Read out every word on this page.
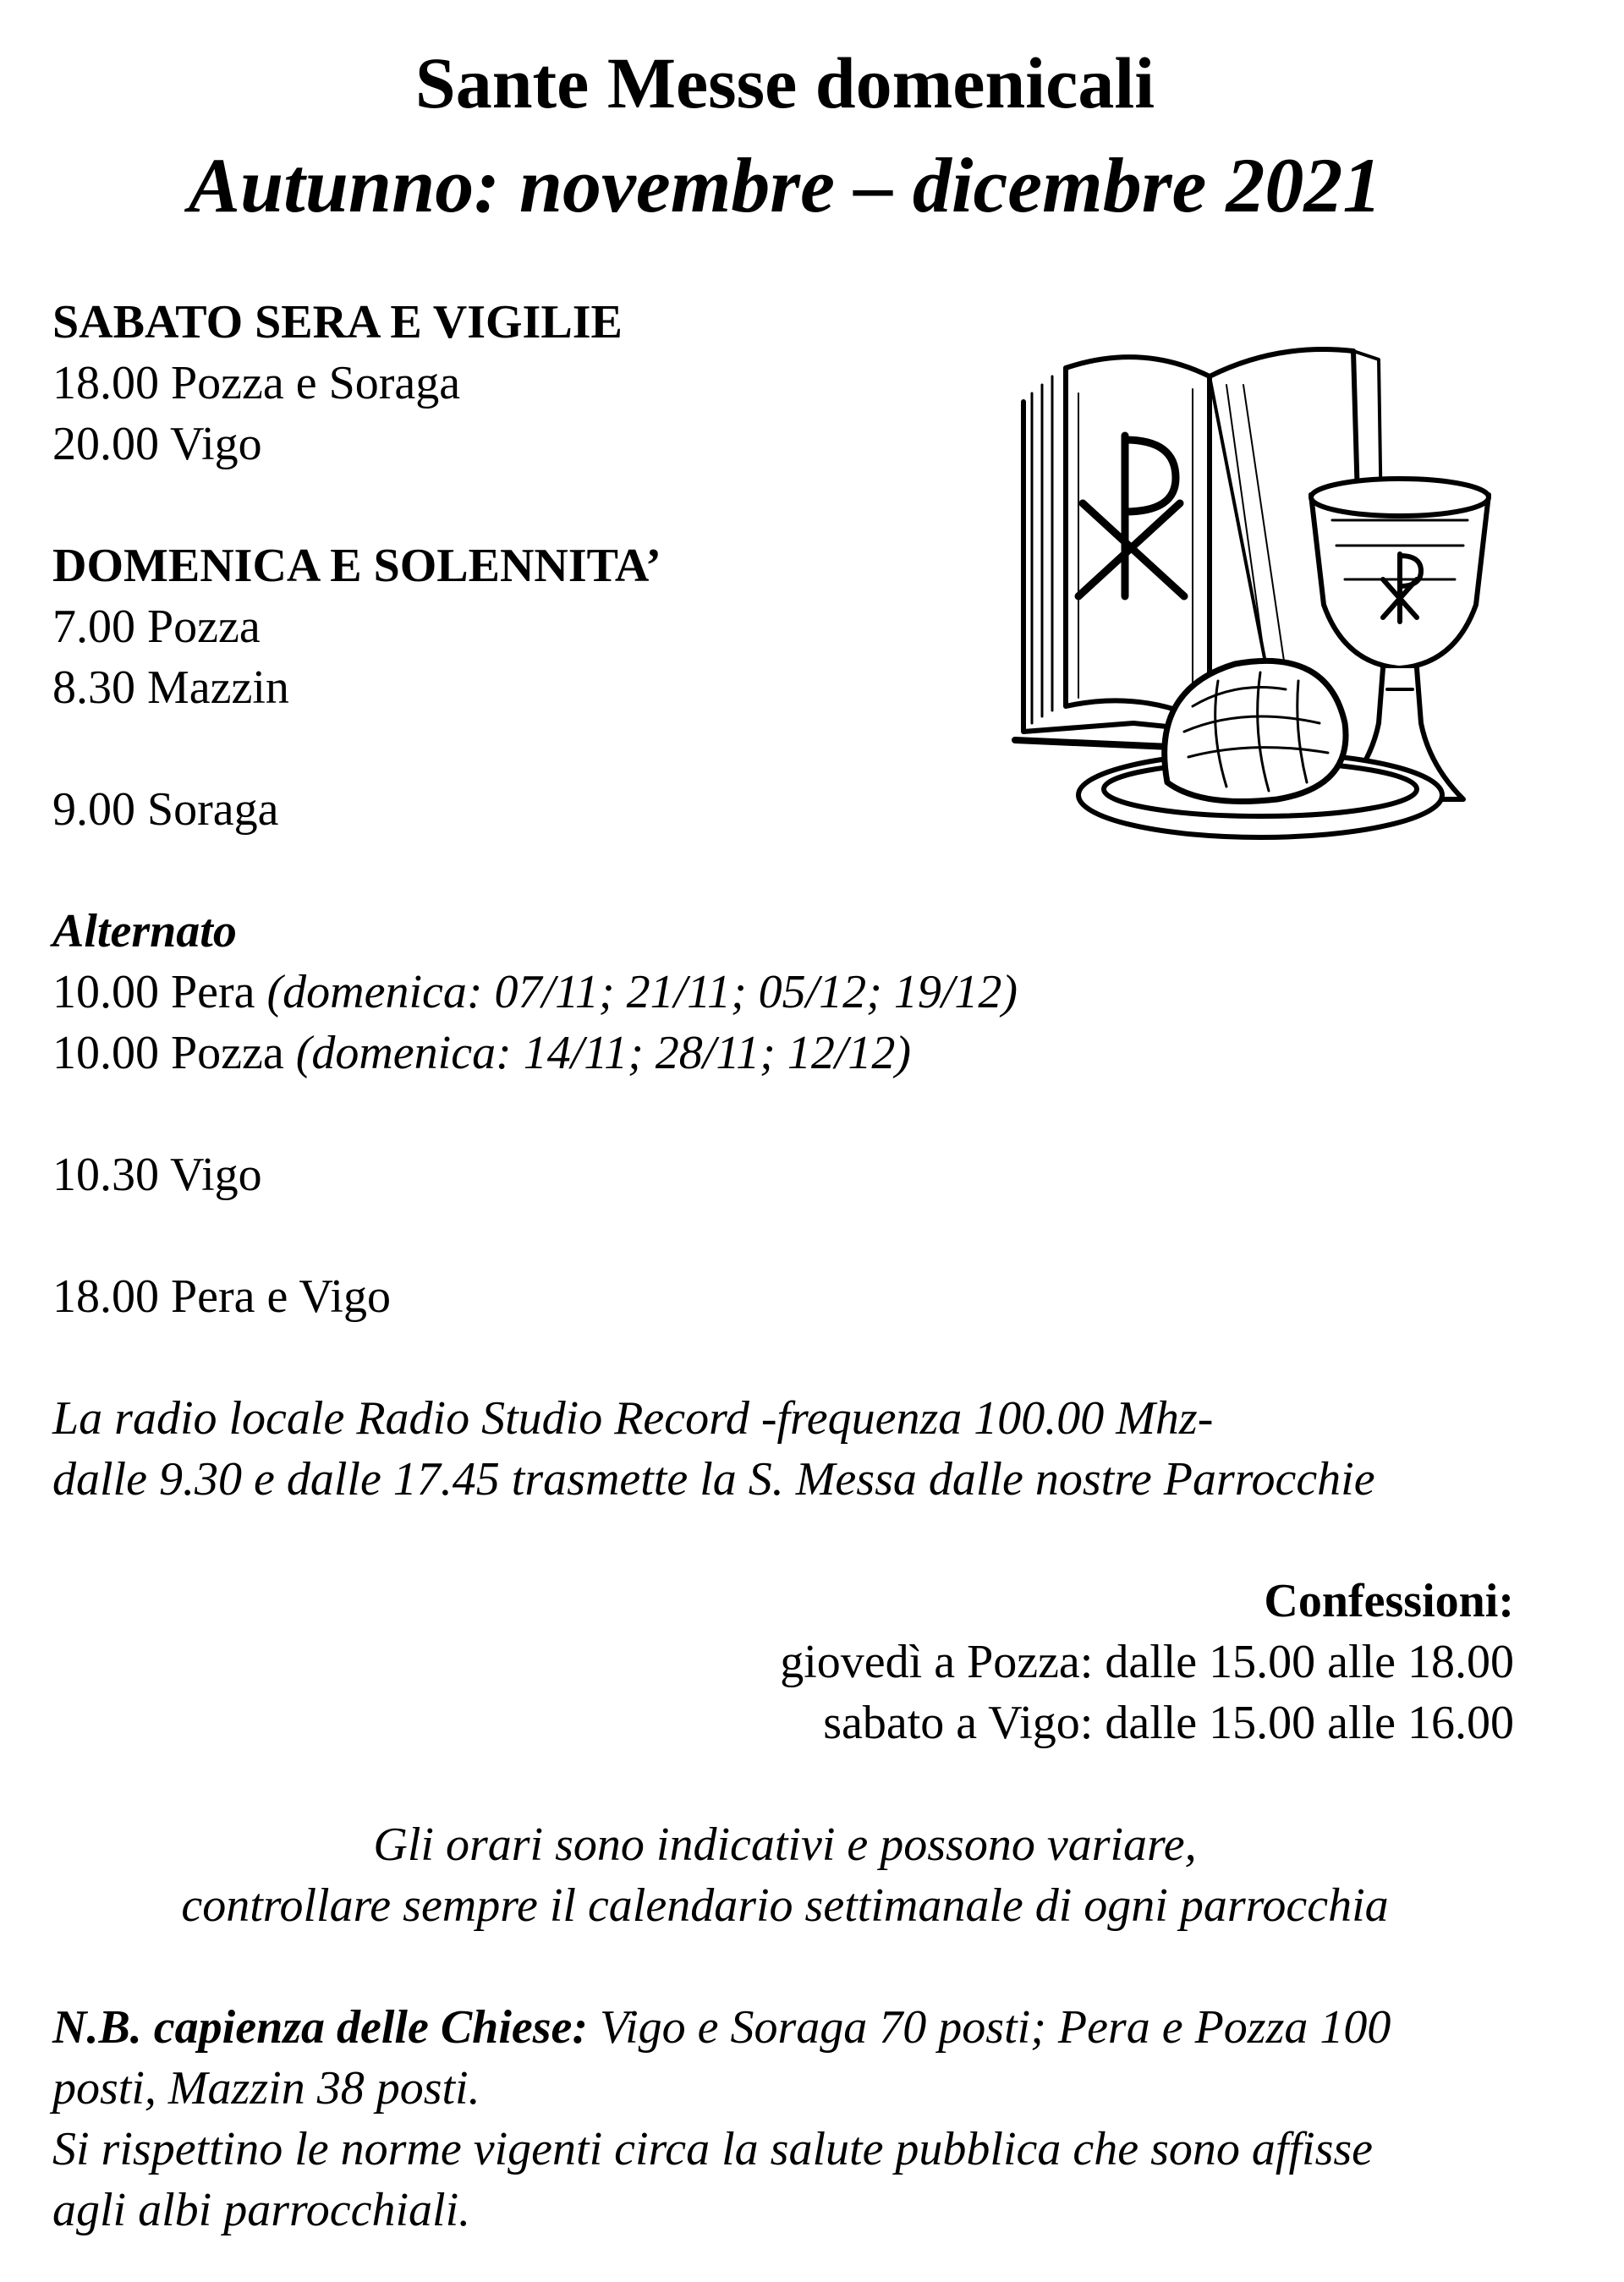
Sante Messe domenicali
Autunno: novembre – dicembre 2021
SABATO SERA E VIGILIE
18.00 Pozza e Soraga
20.00 Vigo
DOMENICA E SOLENNITA’
7.00 Pozza
8.30 Mazzin
9.00 Soraga
Alternato
10.00 Pera (domenica: 07/11; 21/11; 05/12; 19/12)
10.00 Pozza (domenica: 14/11; 28/11; 12/12)
10.30 Vigo
18.00 Pera e Vigo
La radio locale Radio Studio Record -frequenza 100.00 Mhz-
dalle 9.30 e dalle 17.45 trasmette la S. Messa dalle nostre Parrocchie
Confessioni:
giovedì a Pozza: dalle 15.00 alle 18.00
sabato a Vigo: dalle 15.00 alle 16.00
Gli orari sono indicativi e possono variare,
controllare sempre il calendario settimanale di ogni parrocchia
N.B. capienza delle Chiese: Vigo e Soraga 70 posti; Pera e Pozza 100
posti, Mazzin 38 posti.
Si rispettino le norme vigenti circa la salute pubblica che sono affisse
agli albi parrocchiali.
